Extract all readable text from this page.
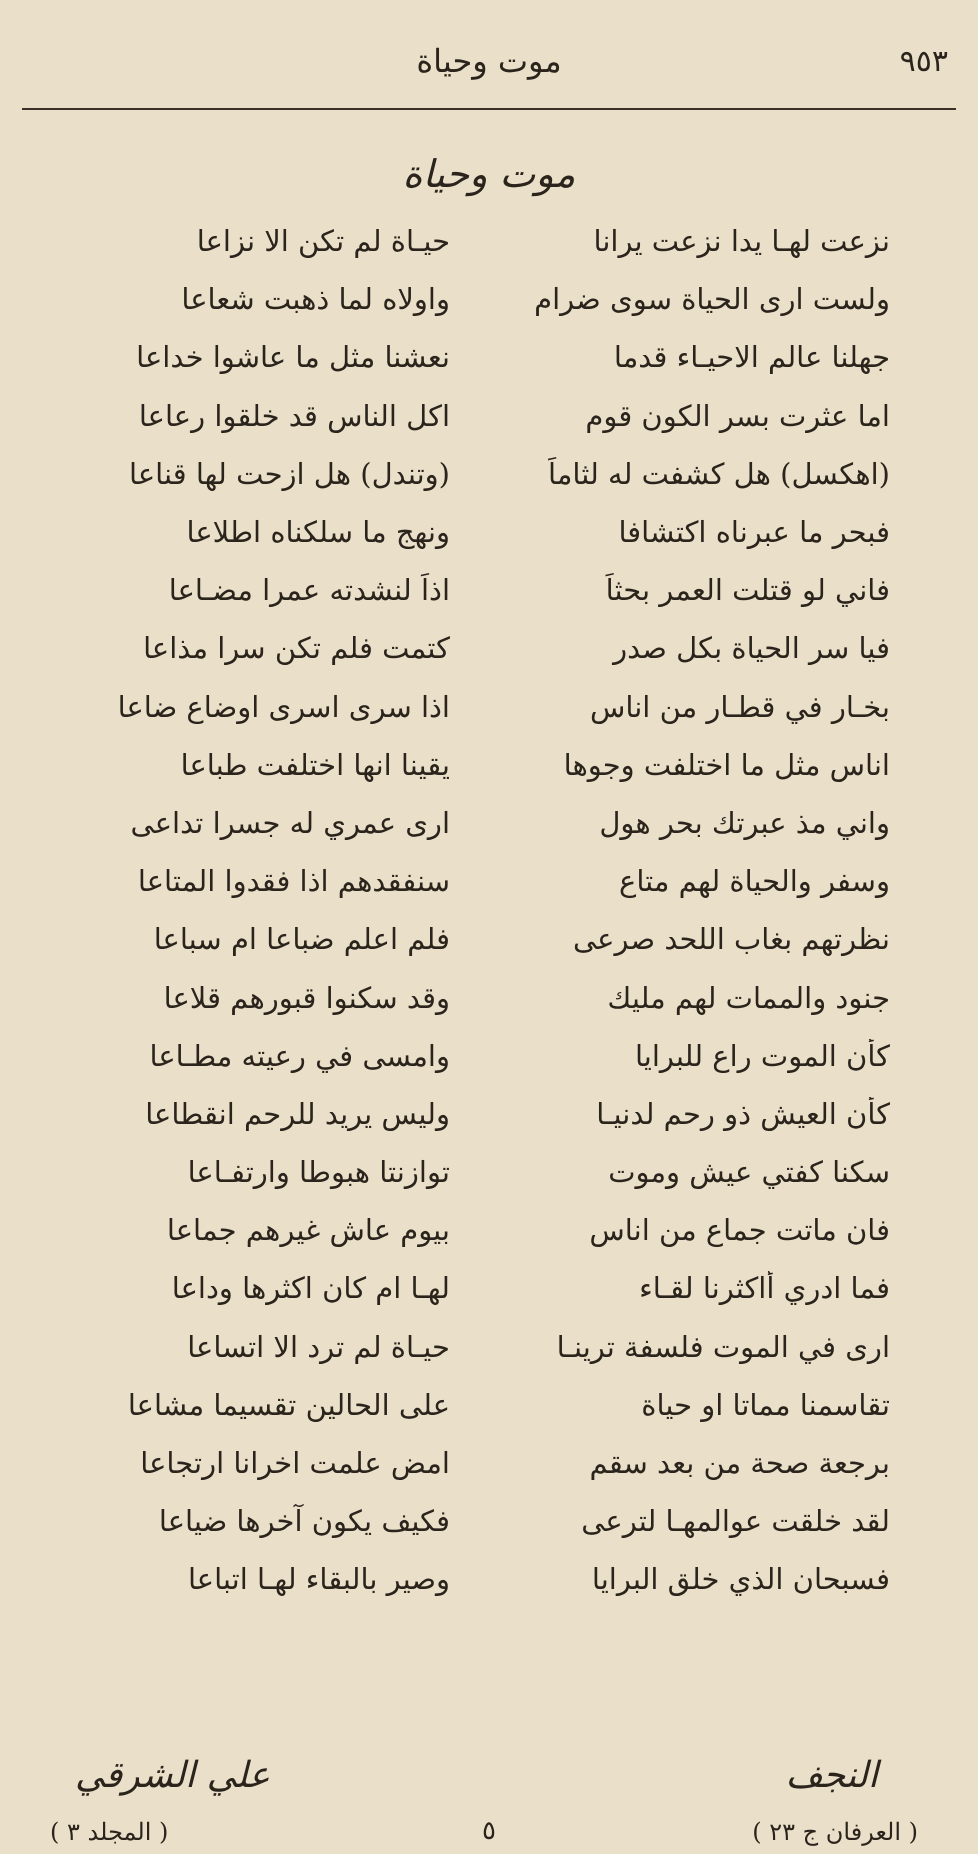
٩٥٣
موت وحياة
موت وحياة
نزعت لهـا يدا نزعت يرانا
حيـاة لم تكن الا نزاعا
ولست ارى الحياة سوى ضرام
واولاه لما ذهبت شعاعا
جهلنا عالم الاحيـاء قدما
نعشنا مثل ما عاشوا خداعا
اما عثرت بسر الكون قوم
اكل الناس قد خلقوا رعاعا
(اهكسل) هل كشفت له لثاماً
(وتندل) هل ازحت لها قناعا
فبحر ما عبرناه اكتشافا
ونهج ما سلكناه اطلاعا
فاني لو قتلت العمر بحثاً
اذاً لنشدته عمرا مضـاعا
فيا سر الحياة بكل صدر
كتمت فلم تكن سرا مذاعا
بخـار في قطـار من اناس
اذا سرى اسرى اوضاع ضاعا
اناس مثل ما اختلفت وجوها
يقينا انها اختلفت طباعا
واني مذ عبرتك بحر هول
ارى عمري له جسرا تداعى
وسفر والحياة لهم متاع
سنفقدهم اذا فقدوا المتاعا
نظرتهم بغاب اللحد صرعى
فلم اعلم ضباعا ام سباعا
جنود والممات لهم مليك
وقد سكنوا قبورهم قلاعا
كأن الموت راع للبرايا
وامسى في رعيته مطـاعا
كأن العيش ذو رحم لدنيـا
وليس يريد للرحم انقطاعا
سكنا كفتي عيش وموت
توازنتا هبوطا وارتفـاعا
فان ماتت جماع من اناس
بيوم عاش غيرهم جماعا
فما ادري أاكثرنا لقـاء
لهـا ام كان اكثرها وداعا
ارى في الموت فلسفة ترينـا
حيـاة لم ترد الا اتساعا
تقاسمنا مماتا او حياة
على الحالين تقسيما مشاعا
برجعة صحة من بعد سقم
امض علمت اخرانا ارتجاعا
لقد خلقت عوالمهـا لترعى
فكيف يكون آخرها ضياعا
فسبحان الذي خلق البرايا
وصير بالبقاء لهـا اتباعا
النجف
علي الشرقي
( العرفان ج ٢٣ )
٥
( المجلد ٣ )
